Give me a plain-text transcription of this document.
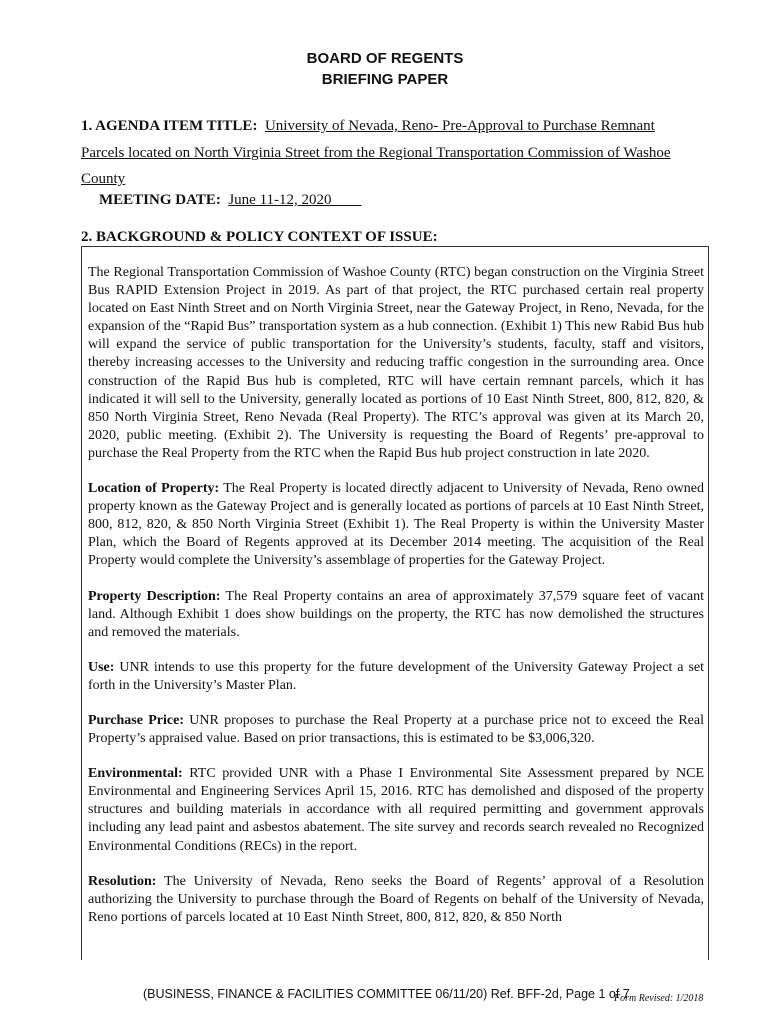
BOARD OF REGENTS
BRIEFING PAPER
1. AGENDA ITEM TITLE: University of Nevada, Reno- Pre-Approval to Purchase Remnant Parcels located on North Virginia Street from the Regional Transportation Commission of Washoe County
MEETING DATE: June 11-12, 2020
2. BACKGROUND & POLICY CONTEXT OF ISSUE:

The Regional Transportation Commission of Washoe County (RTC) began construction on the Virginia Street Bus RAPID Extension Project in 2019. As part of that project, the RTC purchased certain real property located on East Ninth Street and on North Virginia Street, near the Gateway Project, in Reno, Nevada, for the expansion of the “Rapid Bus” transportation system as a hub connection. (Exhibit 1) This new Rabid Bus hub will expand the service of public transportation for the University’s students, faculty, staff and visitors, thereby increasing accesses to the University and reducing traffic congestion in the surrounding area. Once construction of the Rapid Bus hub is completed, RTC will have certain remnant parcels, which it has indicated it will sell to the University, generally located as portions of 10 East Ninth Street, 800, 812, 820, & 850 North Virginia Street, Reno Nevada (Real Property). The RTC’s approval was given at its March 20, 2020, public meeting. (Exhibit 2). The University is requesting the Board of Regents’ pre-approval to purchase the Real Property from the RTC when the Rapid Bus hub project construction in late 2020.

Location of Property: The Real Property is located directly adjacent to University of Nevada, Reno owned property known as the Gateway Project and is generally located as portions of parcels at 10 East Ninth Street, 800, 812, 820, & 850 North Virginia Street (Exhibit 1). The Real Property is within the University Master Plan, which the Board of Regents approved at its December 2014 meeting. The acquisition of the Real Property would complete the University’s assemblage of properties for the Gateway Project.

Property Description: The Real Property contains an area of approximately 37,579 square feet of vacant land. Although Exhibit 1 does show buildings on the property, the RTC has now demolished the structures and removed the materials.

Use: UNR intends to use this property for the future development of the University Gateway Project a set forth in the University’s Master Plan.

Purchase Price: UNR proposes to purchase the Real Property at a purchase price not to exceed the Real Property’s appraised value. Based on prior transactions, this is estimated to be $3,006,320.

Environmental: RTC provided UNR with a Phase I Environmental Site Assessment prepared by NCE Environmental and Engineering Services April 15, 2016. RTC has demolished and disposed of the property structures and building materials in accordance with all required permitting and government approvals including any lead paint and asbestos abatement. The site survey and records search revealed no Recognized Environmental Conditions (RECs) in the report.

Resolution: The University of Nevada, Reno seeks the Board of Regents’ approval of a Resolution authorizing the University to purchase through the Board of Regents on behalf of the University of Nevada, Reno portions of parcels located at 10 East Ninth Street, 800, 812, 820, & 850 North

(BUSINESS, FINANCE & FACILITIES COMMITTEE 06/11/20) Ref. BFF-2d, Page 1 of 7
Form Revised: 1/2018
